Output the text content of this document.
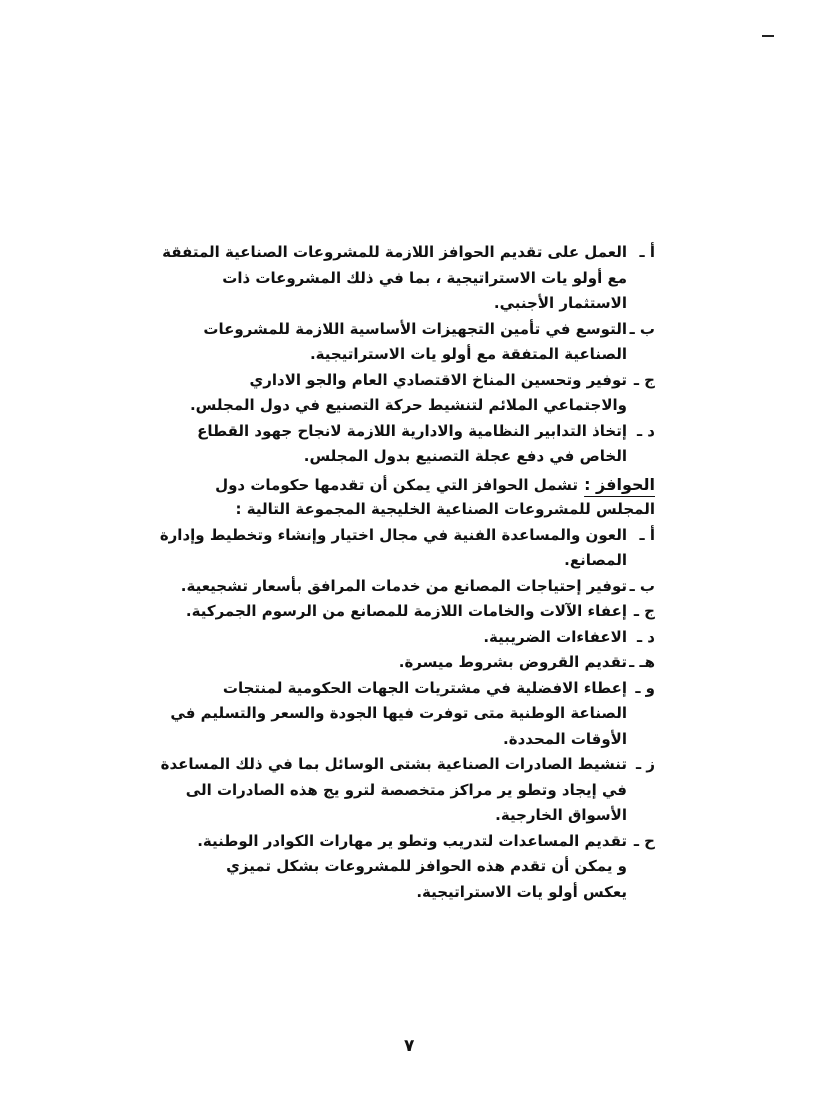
أ ـ
العمل على تقديم الحوافز اللازمة للمشروعات الصناعية المتفقة
مع أولو يات الاستراتيجية ، بما في ذلك المشروعات ذات
الاستثمار الأجنبي.
ب ـ
التوسع في تأمين التجهيزات الأساسية اللازمة للمشروعات
الصناعية المتفقة مع أولو يات الاستراتيجية.
ج ـ
توفير وتحسين المناخ الاقتصادي العام والجو الاداري
والاجتماعي الملائم لتنشيط حركة التصنيع في دول المجلس.
د ـ
إتخاذ التدابير النظامية والادارية اللازمة لانجاح جهود القطاع
الخاص في دفع عجلة التصنيع بدول المجلس.
الحوافز :
تشمل الحوافز التي يمكن أن تقدمها حكومات دول
المجلس للمشروعات الصناعية الخليجية المجموعة التالية :
أ ـ
العون والمساعدة الفنية في مجال اختيار وإنشاء وتخطيط وإدارة
المصانع.
ب ـ
توفير إحتياجات المصانع من خدمات المرافق بأسعار تشجيعية.
ج ـ
إعفاء الآلات والخامات اللازمة للمصانع من الرسوم الجمركية.
د ـ
الاعفاءات الضريبية.
هـ ـ
تقديم القروض بشروط ميسرة.
و ـ
إعطاء الافضلية في مشتريات الجهات الحكومية لمنتجات
الصناعة الوطنية متى توفرت فيها الجودة والسعر والتسليم في
الأوقات المحددة.
ز ـ
تنشيط الصادرات الصناعية بشتى الوسائل بما في ذلك المساعدة
في إيجاد وتطو ير مراكز متخصصة لترو يج هذه الصادرات الى
الأسواق الخارجية.
ح ـ
تقديم المساعدات لتدريب وتطو ير مهارات الكوادر الوطنية.
و يمكن أن تقدم هذه الحوافز للمشروعات بشكل تميزي
يعكس أولو يات الاستراتيجية.
٧
